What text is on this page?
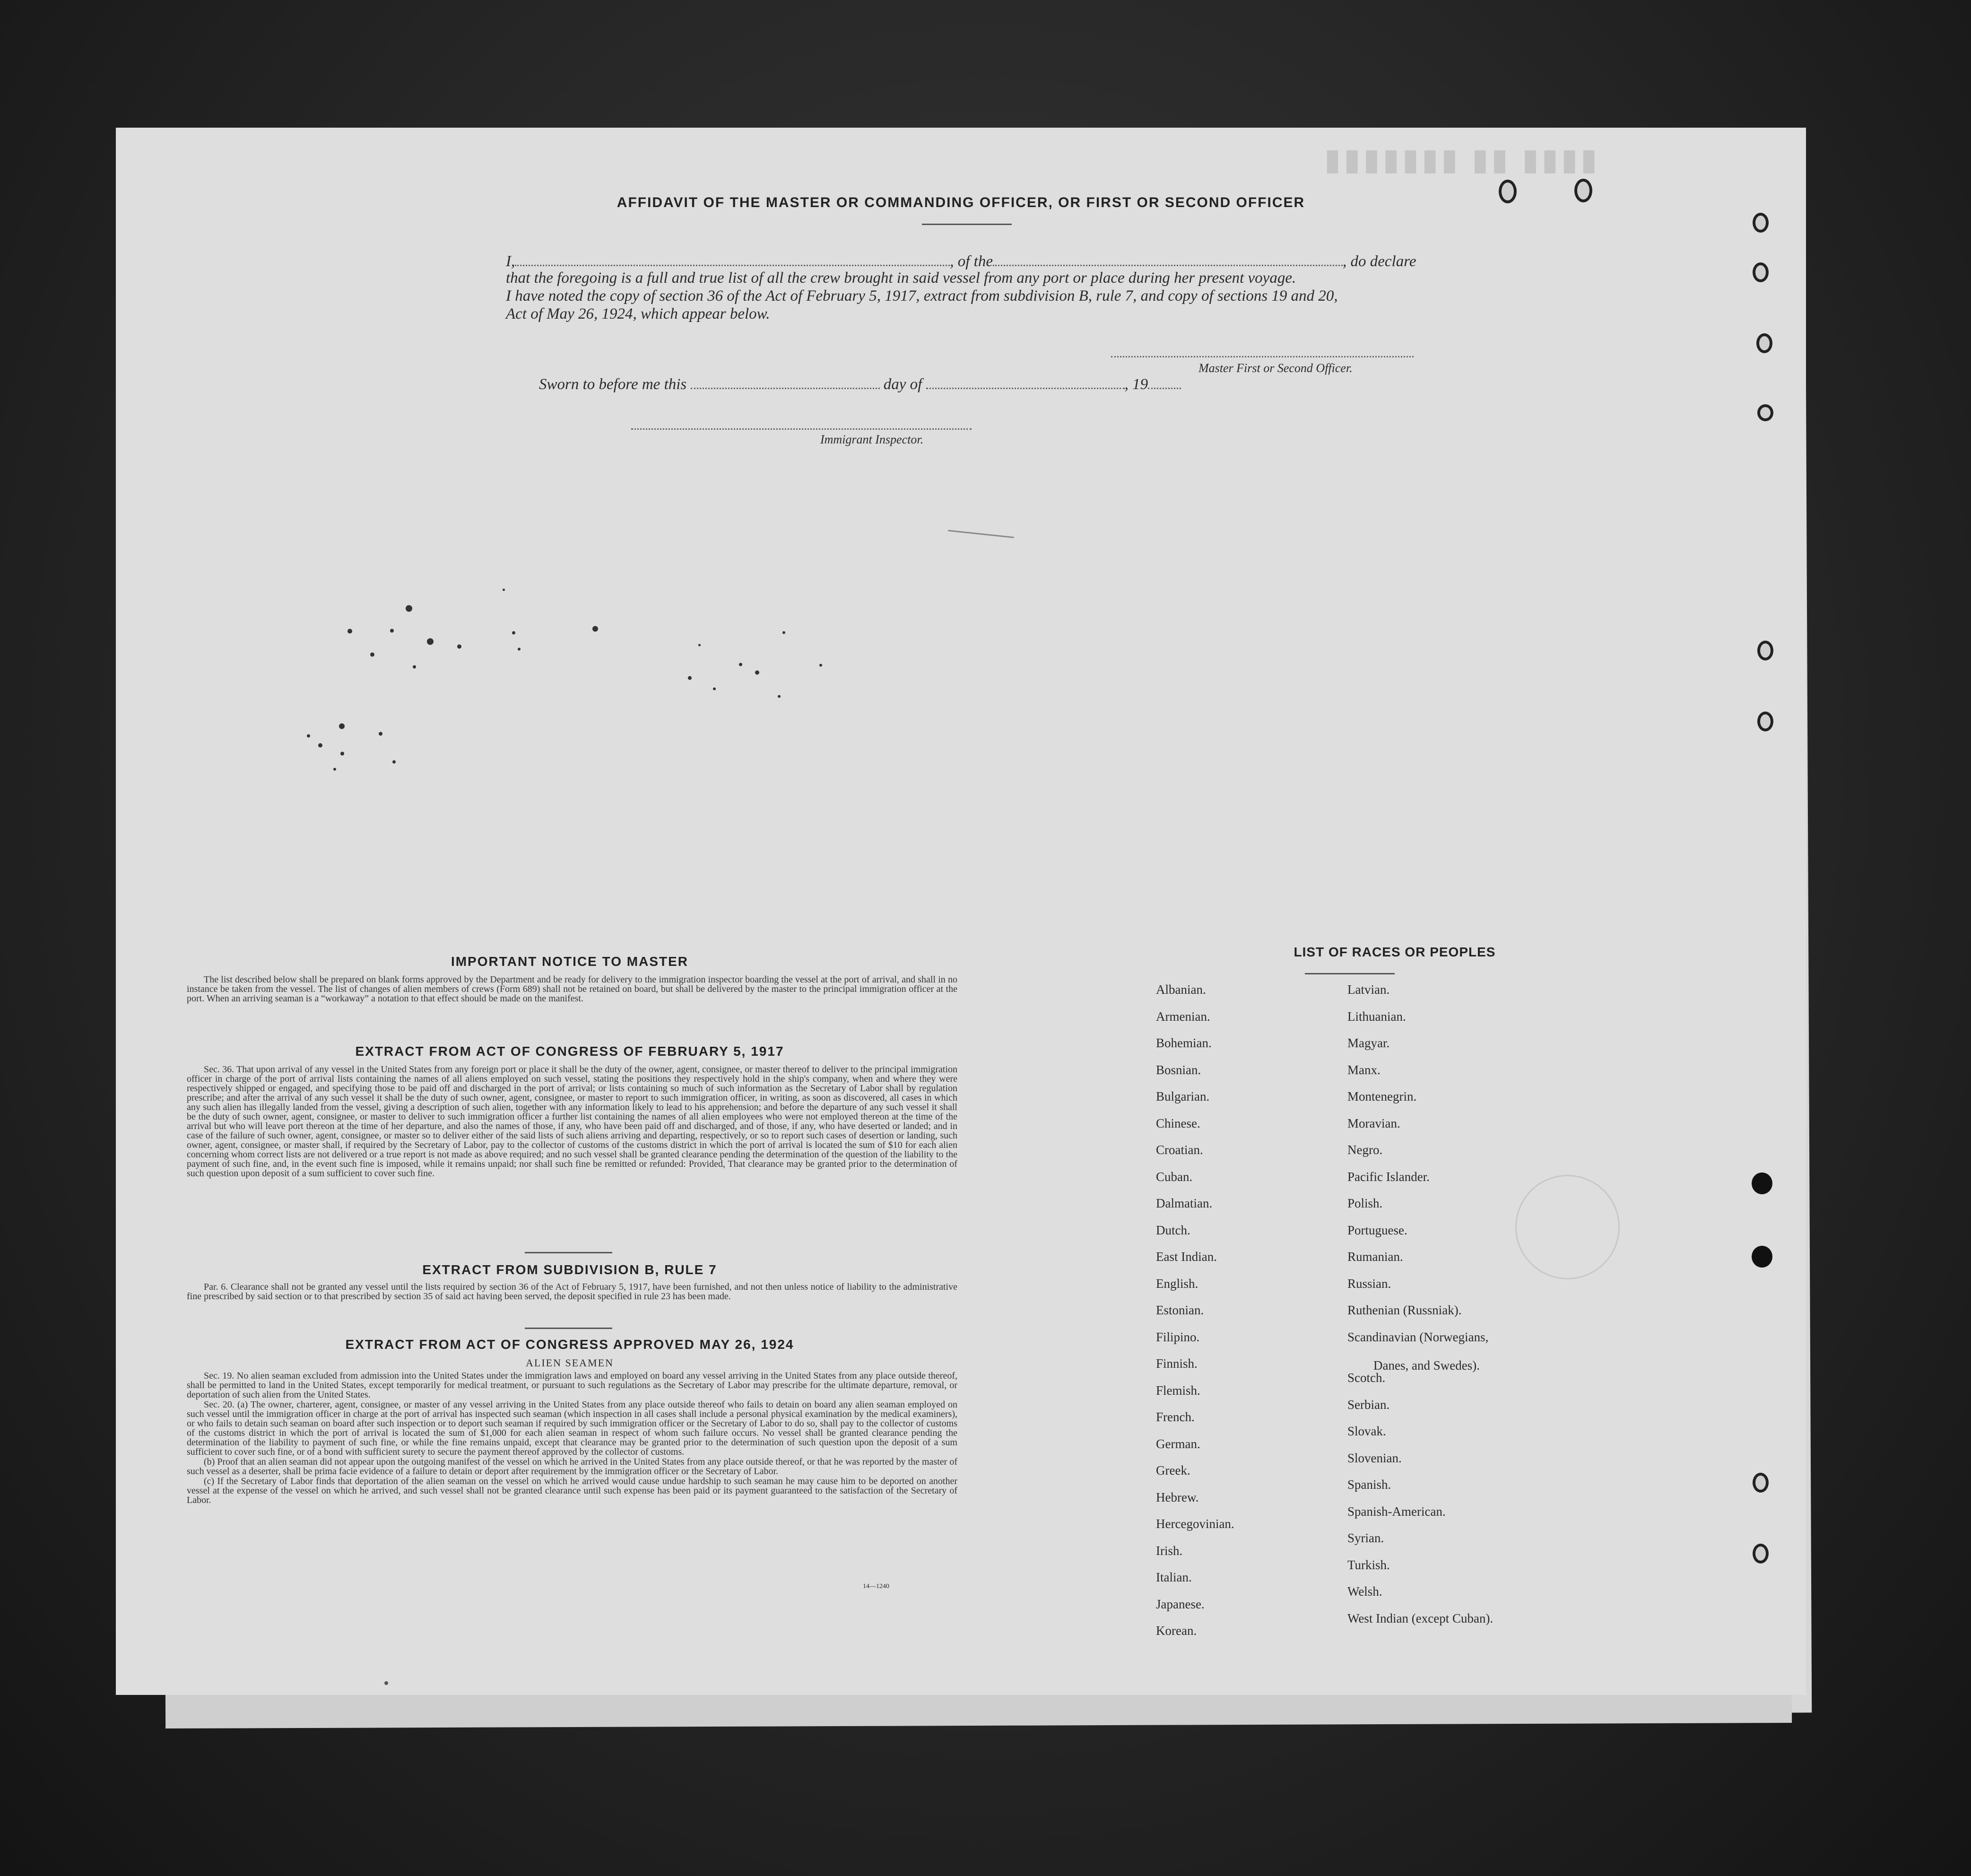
▮▮▮▮ ▮▮ ▮▮▮▮▮▮▮
AFFIDAVIT OF THE MASTER OR COMMANDING OFFICER, OR FIRST OR SECOND OFFICER
I,	, of the	, do declare
that the foregoing is a full and true list of all the crew brought in said vessel from any port or place during her present voyage.
I have noted the copy of section 36 of the Act of February 5, 1917, extract from subdivision B, rule 7, and copy of sections 19 and 20,
Act of May 26, 1924, which appear below.
Master First or Second Officer.
Sworn to before me this	day of	, 19
Immigrant Inspector.
IMPORTANT NOTICE TO MASTER

The list described below shall be prepared on blank forms approved by the Department and be ready for delivery to the immigration inspector boarding the vessel at the port of arrival, and shall in no instance be taken from the vessel. The list of changes of alien members of crews (Form 689) shall not be retained on board, but shall be delivered by the master to the principal immigration officer at the port. When an arriving seaman is a “workaway” a notation to that effect should be made on the manifest.

EXTRACT FROM ACT OF CONGRESS OF FEBRUARY 5, 1917

Sec. 36. That upon arrival of any vessel in the United States from any foreign port or place it shall be the duty of the owner, agent, consignee, or master thereof to deliver to the principal immigration officer in charge of the port of arrival lists containing the names of all aliens employed on such vessel, stating the positions they respectively hold in the ship's company, when and where they were respectively shipped or engaged, and specifying those to be paid off and discharged in the port of arrival; or lists containing so much of such information as the Secretary of Labor shall by regulation prescribe; and after the arrival of any such vessel it shall be the duty of such owner, agent, consignee, or master to report to such immigration officer, in writing, as soon as discovered, all cases in which any such alien has illegally landed from the vessel, giving a description of such alien, together with any information likely to lead to his apprehension; and before the departure of any such vessel it shall be the duty of such owner, agent, consignee, or master to deliver to such immigration officer a further list containing the names of all alien employees who were not employed thereon at the time of the arrival but who will leave port thereon at the time of her departure, and also the names of those, if any, who have been paid off and discharged, and of those, if any, who have deserted or landed; and in case of the failure of such owner, agent, consignee, or master so to deliver either of the said lists of such aliens arriving and departing, respectively, or so to report such cases of desertion or landing, such owner, agent, consignee, or master shall, if required by the Secretary of Labor, pay to the collector of customs of the customs district in which the port of arrival is located the sum of $10 for each alien concerning whom correct lists are not delivered or a true report is not made as above required; and no such vessel shall be granted clearance pending the determination of the question of the liability to the payment of such fine, and, in the event such fine is imposed, while it remains unpaid; nor shall such fine be remitted or refunded: Provided, That clearance may be granted prior to the determination of such question upon deposit of a sum sufficient to cover such fine.

EXTRACT FROM SUBDIVISION B, RULE 7

Par. 6. Clearance shall not be granted any vessel until the lists required by section 36 of the Act of February 5, 1917, have been furnished, and not then unless notice of liability to the administrative fine prescribed by said section or to that prescribed by section 35 of said act having been served, the deposit specified in rule 23 has been made.

EXTRACT FROM ACT OF CONGRESS APPROVED MAY 26, 1924
ALIEN SEAMEN

Sec. 19. No alien seaman excluded from admission into the United States under the immigration laws and employed on board any vessel arriving in the United States from any place outside thereof, shall be permitted to land in the United States, except temporarily for medical treatment, or pursuant to such regulations as the Secretary of Labor may prescribe for the ultimate departure, removal, or deportation of such alien from the United States.

Sec. 20. (a) The owner, charterer, agent, consignee, or master of any vessel arriving in the United States from any place outside thereof who fails to detain on board any alien seaman employed on such vessel until the immigration officer in charge at the port of arrival has inspected such seaman (which inspection in all cases shall include a personal physical examination by the medical examiners), or who fails to detain such seaman on board after such inspection or to deport such seaman if required by such immigration officer or the Secretary of Labor to do so, shall pay to the collector of customs of the customs district in which the port of arrival is located the sum of $1,000 for each alien seaman in respect of whom such failure occurs. No vessel shall be granted clearance pending the determination of the liability to payment of such fine, or while the fine remains unpaid, except that clearance may be granted prior to the determination of such question upon the deposit of a sum sufficient to cover such fine, or of a bond with sufficient surety to secure the payment thereof approved by the collector of customs.

(b) Proof that an alien seaman did not appear upon the outgoing manifest of the vessel on which he arrived in the United States from any place outside thereof, or that he was reported by the master of such vessel as a deserter, shall be prima facie evidence of a failure to detain or deport after requirement by the immigration officer or the Secretary of Labor.

(c) If the Secretary of Labor finds that deportation of the alien seaman on the vessel on which he arrived would cause undue hardship to such seaman he may cause him to be deported on another vessel at the expense of the vessel on which he arrived, and such vessel shall not be granted clearance until such expense has been paid or its payment guaranteed to the satisfaction of the Secretary of Labor.

14—1240
LIST OF RACES OR PEOPLES
Albanian.
Armenian.
Bohemian.
Bosnian.
Bulgarian.
Chinese.
Croatian.
Cuban.
Dalmatian.
Dutch.
East Indian.
English.
Estonian.
Filipino.
Finnish.
Flemish.
French.
German.
Greek.
Hebrew.
Hercegovinian.
Irish.
Italian.
Japanese.
Korean.
Latvian.
Lithuanian.
Magyar.
Manx.
Montenegrin.
Moravian.
Negro.
Pacific Islander.
Polish.
Portuguese.
Rumanian.
Russian.
Ruthenian (Russniak).
Scandinavian (Norwegians,
Danes, and Swedes).
Scotch.
Serbian.
Slovak.
Slovenian.
Spanish.
Spanish-American.
Syrian.
Turkish.
Welsh.
West Indian (except Cuban).
